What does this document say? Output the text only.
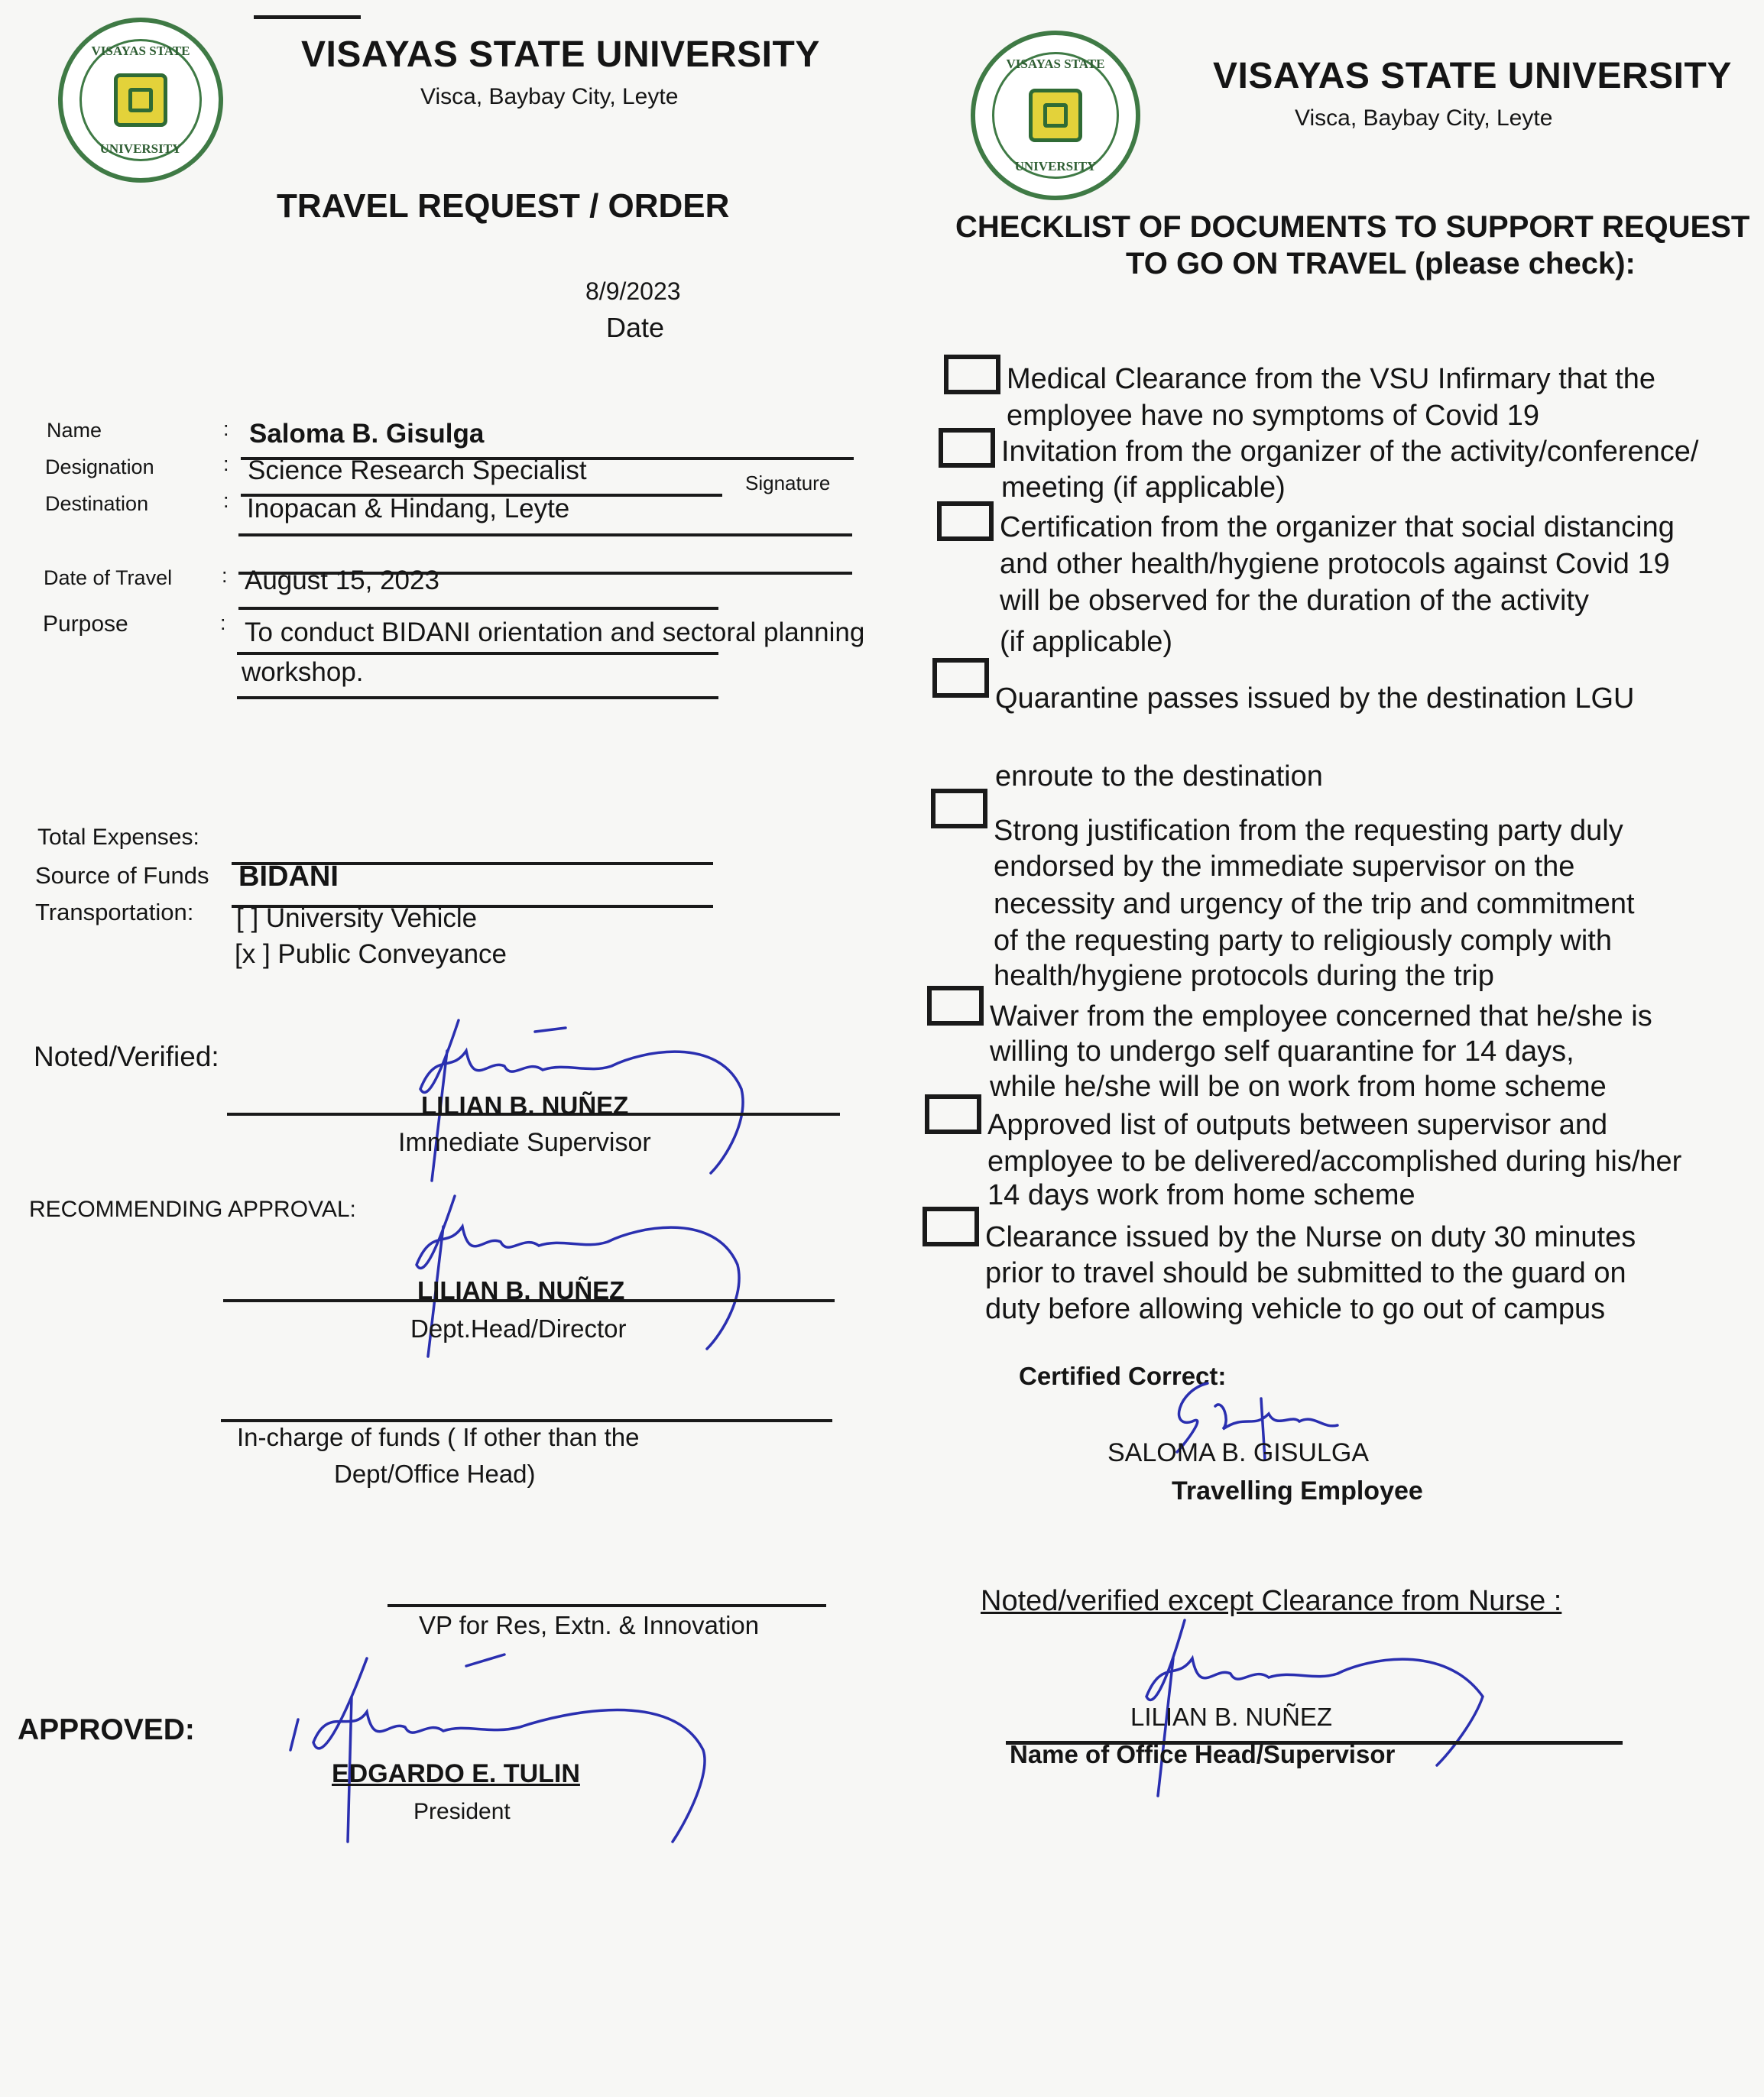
VISAYAS STATE
UNIVERSITY
VISAYAS STATE UNIVERSITY
Visca, Baybay City, Leyte
TRAVEL REQUEST / ORDER
8/9/2023
Date
Name	: Saloma B. Gisulga
Signature
Designation	: Science Research Specialist
Destination	: Inopacan & Hindang, Leyte
Date of Travel : August 15, 2023
Purpose	: To conduct BIDANI orientation and sectoral planning
workshop.
Total Expenses:
Source of Funds BIDANI
Transportation: [ ] University Vehicle
[x ] Public Conveyance
Noted/Verified:
LILIAN B. NUÑEZ
Immediate Supervisor
RECOMMENDING APPROVAL:
LILIAN B. NUÑEZ
Dept.Head/Director
In-charge of funds ( If other than the
Dept/Office Head)
VP for Res, Extn. & Innovation
APPROVED:
EDGARDO E. TULIN
President
VISAYAS STATE
UNIVERSITY
VISAYAS STATE UNIVERSITY
Visca, Baybay City, Leyte
CHECKLIST OF DOCUMENTS TO SUPPORT REQUEST
TO GO ON TRAVEL (please check):
Medical Clearance from the VSU Infirmary that the
employee have no symptoms of Covid 19
Invitation from the organizer of the activity/conference/
meeting (if applicable)
Certification from the organizer that social distancing
and other health/hygiene protocols against Covid 19
will be observed for the duration of the activity
(if applicable)
Quarantine passes issued by the destination LGU
enroute to the destination
Strong justification from the requesting party duly
endorsed by the immediate supervisor on the
necessity and urgency of the trip and commitment
of the requesting party to religiously comply with
health/hygiene protocols during the trip
Waiver from the employee concerned that he/she is
willing to undergo self quarantine for 14 days,
while he/she will be on work from home scheme
Approved list of outputs between supervisor and
employee to be delivered/accomplished during his/her
14 days work from home scheme
Clearance issued by the Nurse on duty 30 minutes
prior to travel should be submitted to the guard on
duty before allowing vehicle to go out of campus
Certified Correct:
SALOMA B. GISULGA
Travelling Employee
Noted/verified except Clearance from Nurse :
LILIAN B. NUÑEZ
Name of Office Head/Supervisor
